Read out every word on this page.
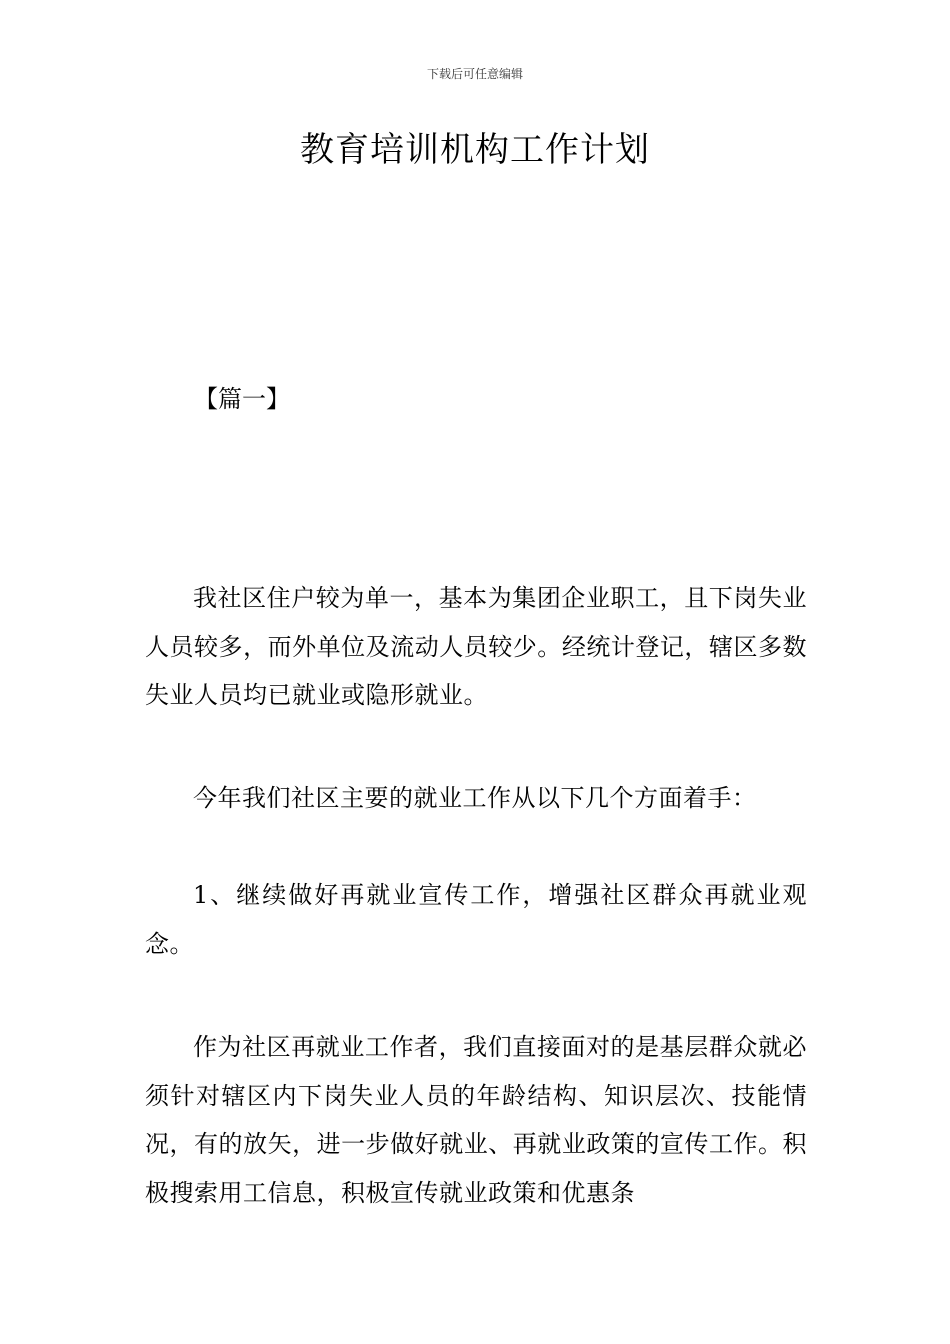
下载后可任意编辑
教育培训机构工作计划
【篇一】

我社区住户较为单一，基本为集团企业职工，且下岗失业人员较多，而外单位及流动人员较少。经统计登记，辖区多数失业人员均已就业或隐形就业。

今年我们社区主要的就业工作从以下几个方面着手：

1、继续做好再就业宣传工作，增强社区群众再就业观念。

作为社区再就业工作者，我们直接面对的是基层群众就必须针对辖区内下岗失业人员的年龄结构、知识层次、技能情况，有的放矢，进一步做好就业、再就业政策的宣传工作。积极搜索用工信息，积极宣传就业政策和优惠条
